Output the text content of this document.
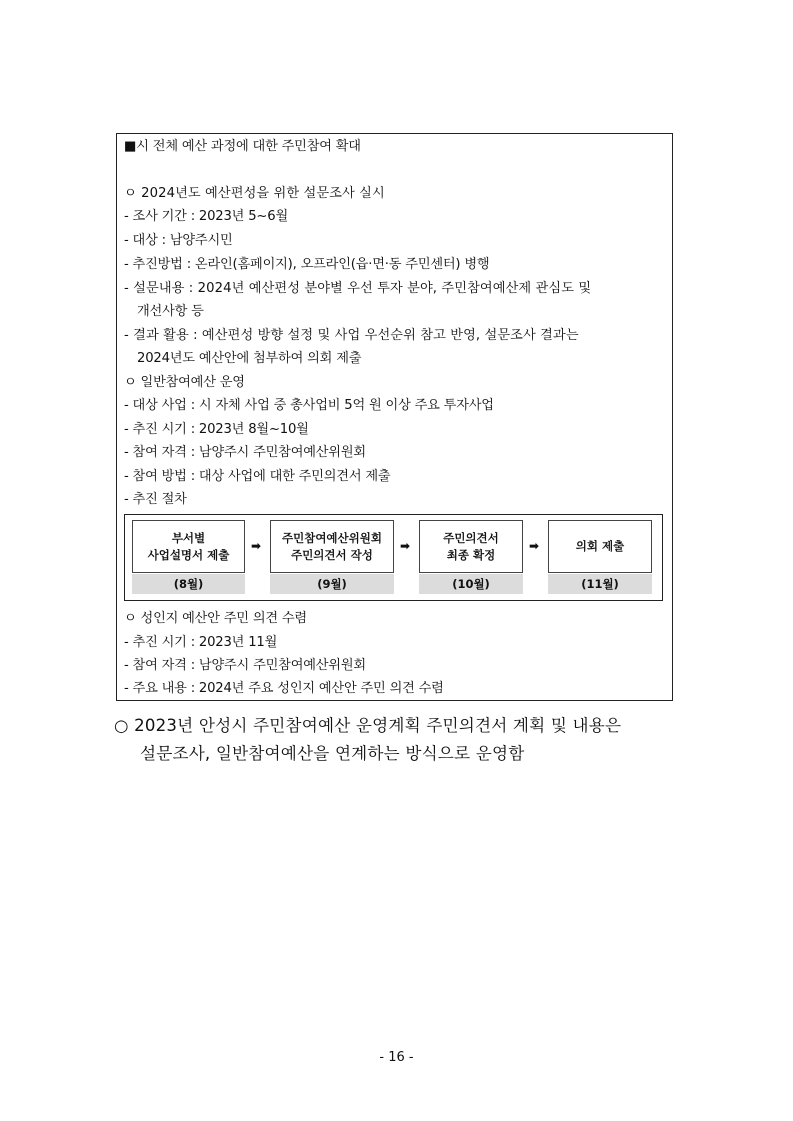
■시 전체 예산 과정에 대한 주민참여 확대
ㅇ 2024년도 예산편성을 위한 설문조사 실시
- 조사 기간 : 2023년 5~6월
- 대상 : 남양주시민
- 추진방법 : 온라인(홈페이지), 오프라인(읍·면·동 주민센터) 병행
- 설문내용 : 2024년 예산편성 분야별 우선 투자 분야, 주민참여예산제 관심도 및
개선사항 등
- 결과 활용 : 예산편성 방향 설정 및 사업 우선순위 참고 반영, 설문조사 결과는
2024년도 예산안에 첨부하여 의회 제출
ㅇ 일반참여예산 운영
- 대상 사업 : 시 자체 사업 중 총사업비 5억 원 이상 주요 투자사업
- 추진 시기 : 2023년 8월~10월
- 참여 자격 : 남양주시 주민참여예산위원회
- 참여 방법 : 대상 사업에 대한 주민의견서 제출
- 추진 절차
부서별
사업설명서 제출
(8월)
➡
주민참여예산위원회
주민의견서 작성
(9월)
➡
주민의견서
최종 확정
(10월)
➡	의회 제출
(11월)
ㅇ 성인지 예산안 주민 의견 수렴
- 추진 시기 : 2023년 11월
- 참여 자격 : 남양주시 주민참여예산위원회
- 주요 내용 : 2024년 주요 성인지 예산안 주민 의견 수렴
○ 2023년 안성시 주민참여예산 운영계획 주민의견서 계획 및 내용은
설문조사, 일반참여예산을 연계하는 방식으로 운영함
- 16 -
